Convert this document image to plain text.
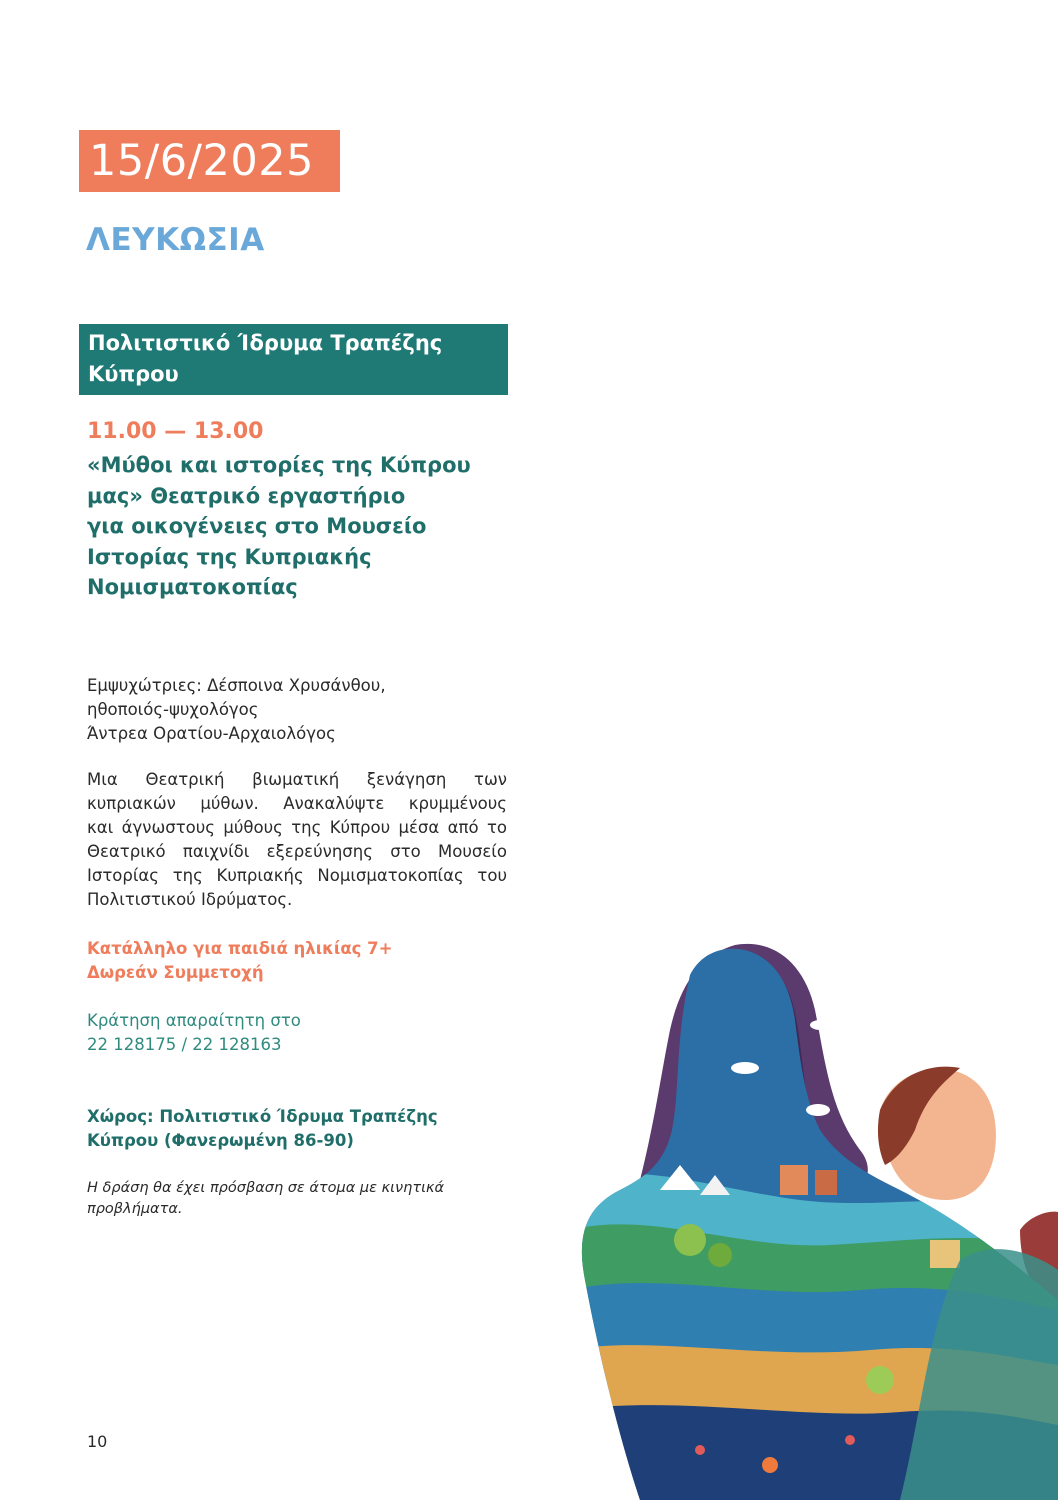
15/6/2025
ΛΕΥΚΩΣΙΑ
Πολιτιστικό Ίδρυμα Τραπέζης
Κύπρου
11.00 — 13.00
«Μύθοι και ιστορίες της Κύπρου
μας» Θεατρικό εργαστήριο
για οικογένειες στο Μουσείο
Ιστορίας της Κυπριακής
Νομισματοκοπίας
Εμψυχώτριες: Δέσποινα Χρυσάνθου,
ηθοποιός-ψυχολόγος
Άντρεα Ορατίου-Αρχαιολόγος
Μια Θεατρική βιωματική ξενάγηση των
κυπριακών μύθων. Ανακαλύψτε κρυμμένους
και άγνωστους μύθους της Κύπρου μέσα από το
Θεατρικό παιχνίδι εξερεύνησης στο Μουσείο
Ιστορίας της Κυπριακής Νομισματοκοπίας του
Πολιτιστικού Ιδρύματος.
Κατάλληλο για παιδιά ηλικίας 7+
Δωρεάν Συμμετοχή
Κράτηση απαραίτητη στο
22 128175 / 22 128163
Χώρος: Πολιτιστικό Ίδρυμα Τραπέζης
Κύπρου (Φανερωμένη 86-90)
Η δράση θα έχει πρόσβαση σε άτομα με κινητικά
προβλήματα.
10
